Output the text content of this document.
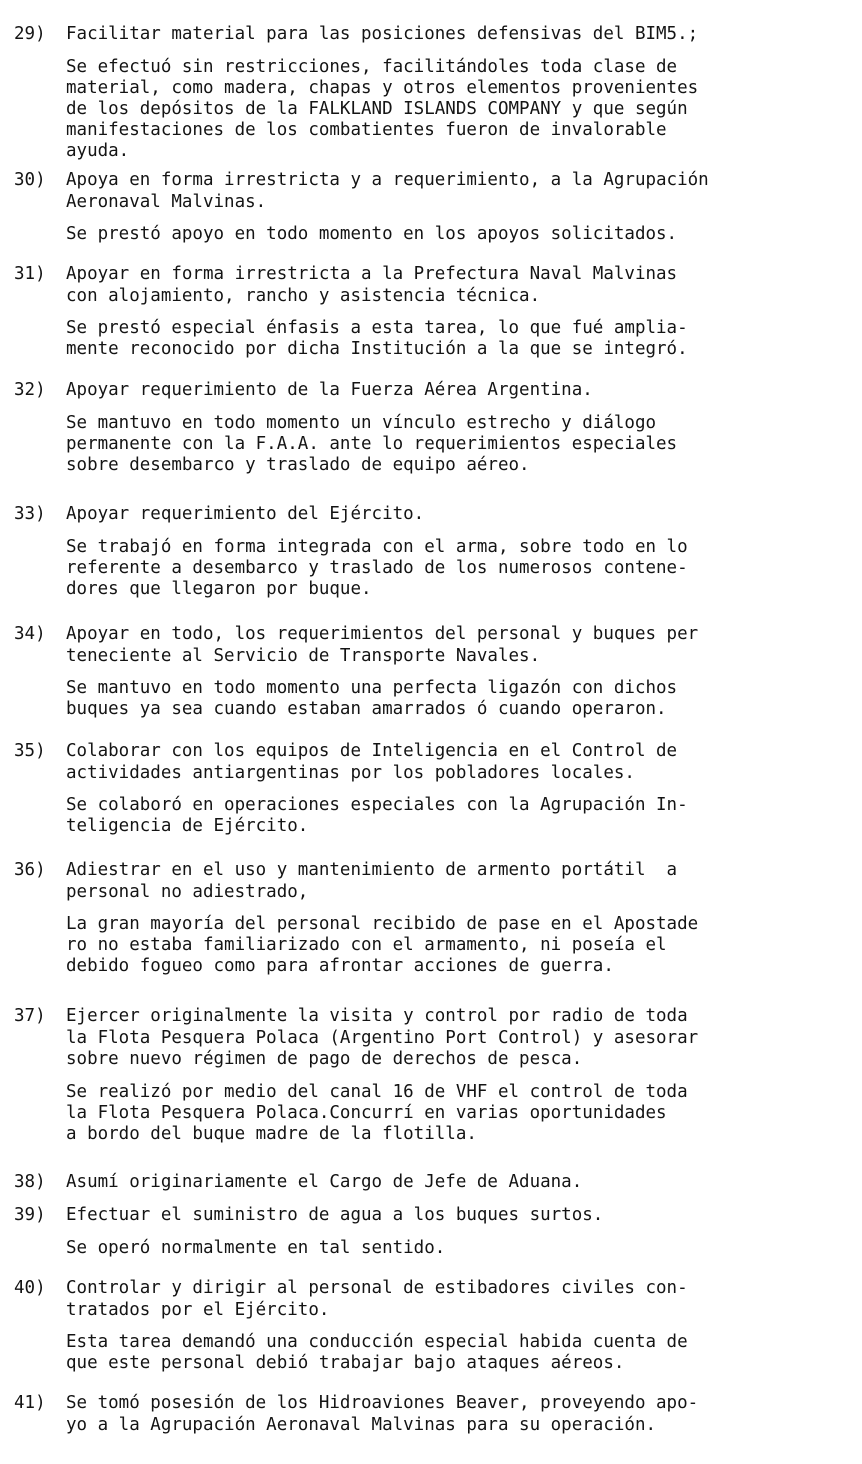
29)	Facilitar material para las posiciones defensivas del BIM5.;
Se efectuó sin restricciones, facilitándoles toda clase de
material, como madera, chapas y otros elementos provenientes
de los depósitos de la FALKLAND ISLANDS COMPANY y que según
manifestaciones de los combatientes fueron de invalorable
ayuda.
30)	Apoya en forma irrestricta y a requerimiento, a la Agrupación
Aeronaval Malvinas.
Se prestó apoyo en todo momento en los apoyos solicitados.
31)	Apoyar en forma irrestricta a la Prefectura Naval Malvinas
con alojamiento, rancho y asistencia técnica.
Se prestó especial énfasis a esta tarea, lo que fué amplia-
mente reconocido por dicha Institución a la que se integró.
32)	Apoyar requerimiento de la Fuerza Aérea Argentina.
Se mantuvo en todo momento un vínculo estrecho y diálogo
permanente con la F.A.A. ante lo requerimientos especiales
sobre desembarco y traslado de equipo aéreo.
33)	Apoyar requerimiento del Ejército.
Se trabajó en forma integrada con el arma, sobre todo en lo
referente a desembarco y traslado de los numerosos contene-
dores que llegaron por buque.
34)	Apoyar en todo, los requerimientos del personal y buques per
teneciente al Servicio de Transporte Navales.
Se mantuvo en todo momento una perfecta ligazón con dichos
buques ya sea cuando estaban amarrados ó cuando operaron.
35)	Colaborar con los equipos de Inteligencia en el Control de
actividades antiargentinas por los pobladores locales.
Se colaboró en operaciones especiales con la Agrupación In-
teligencia de Ejército.
36)	Adiestrar en el uso y mantenimiento de armento portátil  a
personal no adiestrado,
La gran mayoría del personal recibido de pase en el Apostade
ro no estaba familiarizado con el armamento, ni poseía el
debido fogueo como para afrontar acciones de guerra.
37)	Ejercer originalmente la visita y control por radio de toda
la Flota Pesquera Polaca (Argentino Port Control) y asesorar
sobre nuevo régimen de pago de derechos de pesca.
Se realizó por medio del canal 16 de VHF el control de toda
la Flota Pesquera Polaca.Concurrí en varias oportunidades
a bordo del buque madre de la flotilla.
38)	Asumí originariamente el Cargo de Jefe de Aduana.
39)	Efectuar el suministro de agua a los buques surtos.
Se operó normalmente en tal sentido.
40)	Controlar y dirigir al personal de estibadores civiles con-
tratados por el Ejército.
Esta tarea demandó una conducción especial habida cuenta de
que este personal debió trabajar bajo ataques aéreos.
41)	Se tomó posesión de los Hidroaviones Beaver, proveyendo apo-
yo a la Agrupación Aeronaval Malvinas para su operación.
